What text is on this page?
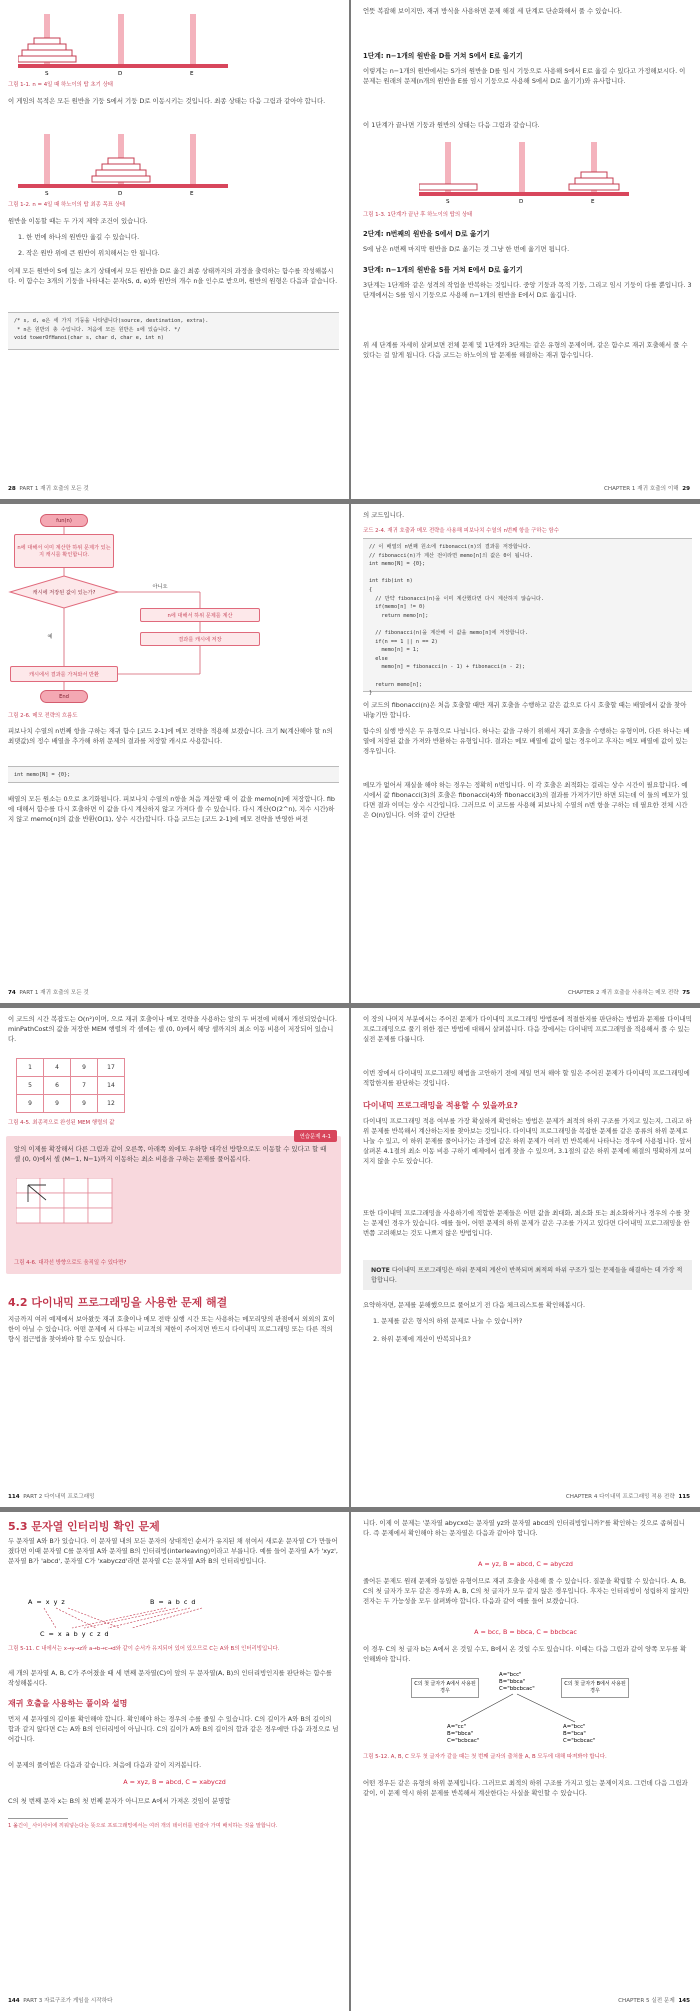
S	D	E

그림 1-1. n = 4일 때 하노이의 탑 초기 상태

이 게임의 목적은 모든 원반을 기둥 S에서 기둥 D로 이동시키는 것입니다. 최종 상태는 다음 그림과 같아야 합니다.

S	D	E

그림 1-2. n = 4일 때 하노이의 탑 최종 목표 상태

원반을 이동할 때는 두 가지 제약 조건이 있습니다.

1. 한 번에 하나의 원반만 옮길 수 있습니다.

2. 작은 원반 위에 큰 원반이 위치해서는 안 됩니다.

이제 모든 원반이 S에 있는 초기 상태에서 모든 원반을 D로 옮긴 최종 상태까지의 과정을 출력하는 함수를 작성해봅시다. 이 함수는 3개의 기둥을 나타내는 문자(S, d, e)와 원반의 개수 n을 인수로 받으며, 원반의 원형은 다음과 같습니다.

/* s, d, e은 세 가지 기둥을 나타냅니다(source, destination, extra).
* n은 원반의 총 수입니다. 처음에 모든 원반은 s에 있습니다. */
void towerOfHanoi(char s, char d, char e, int n)

28 PART 1 재귀 호출의 모든 것

언뜻 복잡해 보이지만, 재귀 방식을 사용하면 문제 해결 세 단계로 단순화해서 풀 수 있습니다.

1단계: n−1개의 원반을 D를 거쳐 S에서 E로 옮기기

이렇게는 n−1개의 원반에서는 S가의 원반을 D를 임시 기둥으로 사용해 S에서 E로 옮길 수 있다고 가정해보시다. 이 문제는 원래의 문제(n개의 원반을 E를 임시 기둥으로 사용해 S에서 D로 옮기기)와 유사합니다.

이 1단계가 끝나면 기둥과 원반의 상태는 다음 그림과 같습니다.

S	D	E

그림 1-3. 1단계가 끝난 후 하노이의 탑의 상태

2단계: n번째의 원반을 S에서 D로 옮기기

S에 남은 n번째 마지막 원반을 D로 옮기는 것 그냥 한 번에 옮기면 됩니다.

3단계: n−1개의 원반을 S를 거쳐 E에서 D로 옮기기

3단계는 1단계와 같은 성격의 작업을 반복하는 것입니다. 중앙 기둥과 목적 기둥, 그리고 임시 기둥이 다를 뿐입니다. 3단계에서는 S를 임시 기둥으로 사용해 n−1개의 원반을 E에서 D로 옮깁니다.

위 세 단계를 자세히 살펴보면 전체 문제 및 1단계와 3단계는 같은 유형의 문제이며, 같은 함수로 재귀 호출해서 풀 수 있다는 걸 알게 됩니다. 다음 코드는 하노이의 탑 문제를 해결하는 재귀 함수입니다.

CHAPTER 1 재귀 호출의 이해 29

fun(n)
n에 대해서 이미 계산한 하위 문제가 있는지 캐시를 확인합니다.
캐시에 저장된 값이 있는가?
아니오
예
n에 대해서 하위 문제를 계산
결과를 캐시에 저장
캐시에서 결과를 가져와서 반환
End

그림 2-6. 메모 전략의 흐름도

피보나치 수열의 n번째 항을 구하는 재귀 함수 [코드 2-1]에 메모 전략을 적용해 보겠습니다. 크기 N(계산해야 할 n의 최댓값)의 정수 배열을 추가해 하위 문제의 결과를 저장할 캐시로 사용합니다.

int memo[N] = {0};

배열의 모든 원소는 0으로 초기화됩니다. 피보나치 수열의 n항을 처음 계산할 때 이 값을 memo[n]에 저장합니다. fib에 대해서 함수를 다시 호출하면 이 값을 다시 계산하지 않고 가져다 쓸 수 있습니다. 다시 계산(O(2^n), 지수 시간)하지 않고 memo[n]의 값을 반환(O(1), 상수 시간)합니다. 다음 코드는 [코드 2-1]에 메모 전략을 반영한 버전

74 PART 1 재귀 호출의 모든 것

의 코드입니다.

코드 2-4. 재귀 호출과 메모 전략을 사용해 피보나치 수열의 n번째 항을 구하는 함수

// 이 배열의 n번째 원소에 fibonacci(n)의 결과를 저장합니다.
// fibonacci(n)가 계산 전이라면 memo[n]의 값은 0이 됩니다.
int memo[N] = {0};

int fib(int n)
{
// 만약 fibonacci(n)을 이미 계산했다면 다시 계산하지 않습니다.
if(memo[n] != 0)
return memo[n];

// fibonacci(n)을 계산해 이 값을 memo[n]에 저장합니다.
if(n == 1 || n == 2)
memo[n] = 1;
else
memo[n] = fibonacci(n - 1) + fibonacci(n - 2);

return memo[n];
}

이 코드의 fibonacci(n)은 처음 호출할 때만 재귀 호출을 수행하고 같은 값으로 다시 호출할 때는 배열에서 값을 찾아 내놓기만 합니다.

함수의 실행 방식은 두 유형으로 나뉩니다. 하나는 값을 구하기 위해서 재귀 호출을 수행하는 유형이며, 다른 하나는 배열에 저장된 값을 가져와 반환하는 유형입니다. 결과는 메모 배열에 값이 없는 경우이고 후자는 메모 배열에 값이 있는 경우입니다.

메모가 없어서 재실을 해야 하는 경우는 정확히 n번입니다. 이 각 호출은 최적화는 걸리는 상수 시간이 필요합니다. 예시에서 값 fibonacci(3)의 호출은 fibonacci(4)와 fibonacci(3)의 결과를 가져가기만 하면 되는데 이 둘의 메모가 있다면 결과 이미는 상수 시간입니다. 그러므로 이 코드를 사용해 피보나치 수열의 n번 항을 구하는 데 필요한 전체 시간은 O(n)입니다. 이와 같이 간단한

CHAPTER 2 재귀 호출을 사용하는 메모 전략 75

이 코드의 시간 복잡도는 O(n²)이며, 으로 재귀 호출이나 메모 전략을 사용하는 앞의 두 버전에 비해서 개선되었습니다. minPathCost의 값을 저장한 MEM 행렬의 각 셀에는 셀 (0, 0)에서 해당 셀까지의 최소 이동 비용이 저장되어 있습니다.

1	4	9	17
5	6	7	14
9	9	9	12

그림 4-5. 최종적으로 완성된 MEM 행렬의 값

연습문제 4-1

앞의 이제를 확장해서 다른 그림과 같이 오른쪽, 아래쪽 외에도 우하향 대각선 방향으로도 이동할 수 있다고 할 때 셀 (0, 0)에서 셀 (M−1, N−1)까지 이동하는 최소 비용을 구하는 문제를 풀어봅시다.

그림 4-6. 대각선 방향으로도 움직일 수 있다면?

4.2 다이내믹 프로그래밍을 사용한 문제 해결

지금까지 여러 예제에서 보아왔듯 재귀 호출이나 메모 전략 실행 시간 또는 사용하는 메모리양의 관점에서 외외의 효이한이 아닐 수 있습니다. 어떤 문제에 서 다루는 비교적의 제한이 주어지면 반드시 다이내믹 프로그래밍 또는 다른 적의 향식 접근법을 찾아봐야 할 수도 있습니다.

114 PART 2 다이내믹 프로그래밍

이 장의 나머지 부분에서는 주어진 문제가 다이내믹 프로그래밍 방법론에 적절한지를 판단하는 방법과 문제를 다이내믹 프로그래밍으로 풀기 위한 접근 방법에 대해서 살펴봅니다. 다음 장에서는 다이내믹 프로그래밍을 적용해서 풀 수 있는 실전 문제를 다룹니다.

이번 장에서 다이내믹 프로그래밍 해법을 고안하기 전에 제일 먼저 해야 할 일은 주어진 문제가 다이내믹 프로그래밍에 적합한지를 판단하는 것입니다.

다이내믹 프로그래밍을 적용할 수 있을까요?

다이내믹 프로그래밍 적용 여부를 가장 확실하게 확인하는 방법은 문제가 최적의 하위 구조를 가지고 있는지, 그리고 하위 문제를 반복해서 계산하는지를 찾아보는 것입니다. 다이내믹 프로그래밍을 복잡한 문제를 같은 종류의 하위 문제로 나눌 수 있고, 이 하위 문제를 풀어나가는 과정에 같은 하위 문제가 여러 번 반복해서 나타나는 경우에 사용됩니다. 앞서 살펴본 4.1절의 최소 이동 비용 구하기 예제에서 쉽게 찾을 수 있으며, 3.1절의 같은 하위 문제에 해결의 명확하게 보여지지 않을 수도 있습니다.

또한 다이내믹 프로그래밍을 사용하기에 적합한 문제들은 어떤 값을 최대화, 최소화 또는 최소화하거나 경우의 수를 찾는 문제인 경우가 있습니다. 예를 들어, 어떤 문제의 하위 문제가 같은 구조를 가지고 있다면 다이내믹 프로그래밍을 한 번쯤 고려해보는 것도 나쁘지 않은 방법입니다.

NOTE 다이내믹 프로그래밍은 하위 문제의 계산이 반복되며 최적의 하위 구조가 있는 문제들을 해결하는 데 가장 적합합니다.

요약하자면, 문제를 분해했으므로 풀어보기 전 다음 체크리스트를 확인해봅시다.

1. 문제를 같은 형식의 하위 문제로 나눌 수 있습니까?

2. 하위 문제에 계산이 반복되나요?

CHAPTER 4 다이내믹 프로그래밍 적용 전략 115

5.3 문자열 인터리빙 확인 문제

두 문자열 A와 B가 있습니다. 이 문자열 내의 모든 문자의 상대적인 순서가 유지된 채 섞여서 새로운 문자열 C가 만들어졌다면 이때 문자열 C를 문자열 A와 문자열 B의 인터리빙(interleaving)이라고 부릅니다. 예를 들어 문자열 A가 'xyz', 문자열 B가 'abcd', 문자열 C가 'xabyczd'라면 문자열 C는 문자열 A와 B의 인터리빙입니다.

A = x y z	B = a b c d
C = x a b y c z d

그림 5-11. C 내에서는 x→y→z와 a→b→c→d와 같이 순서가 유지되어 있어 있으므로 C는 A와 B의 인터리빙입니다.

세 개의 문자열 A, B, C가 주어졌을 때 세 번째 문자열(C)이 앞의 두 문자열(A, B)의 인터리빙인지를 판단하는 함수를 작성해봅시다.

재귀 호출을 사용하는 풀이와 설명

먼저 세 문자열의 길이를 확인해야 합니다. 확인해야 하는 경우의 수를 줄일 수 있습니다. C의 길이가 A와 B의 길이의 합과 같지 않다면 C는 A와 B의 인터리빙이 아닙니다. C의 길이가 A와 B의 길이의 합과 같은 경우에만 다음 과정으로 넘어갑니다.

이 문제의 풀이법은 다음과 같습니다. 처음에 다음과 같이 지켜봅니다.

A = xyz, B = abcd, C = xabyczd

C의 첫 번째 문자 x는 B의 첫 번째 문자가 아니므로 A에서 가져온 것임이 분명합

1 옮긴이_ 사이사이에 끼워넣는다는 뜻으로 프로그래밍에서는 여러 개의 데이터를 번갈아 가며 배치하는 것을 말합니다.

144 PART 3 자료구조가 게임을 시작하다

니다. 이제 이 문제는 '문자열 abycxd는 문자열 yz와 문자열 abcd의 인터리빙입니까?'를 확인하는 것으로 좁혀집니다. 즉 문제에서 확인해야 하는 문자열은 다음과 같아야 합니다.

A = yz, B = abcd, C = abyczd

줄어든 문제도 원래 문제와 동일한 유형이므로 재귀 호출을 사용해 풀 수 있습니다. 질문을 확립할 수 있습니다. A, B, C의 첫 글자가 모두 같은 경우와 A, B, C의 첫 글자가 모두 같지 않은 경우입니다. 후자는 인터리빙이 성립하지 않지만 전자는 두 가능성을 모두 살펴봐야 합니다. 다음과 같이 예를 들어 보겠습니다.

A = bcc, B = bbca, C = bbcbcac

이 경우 C의 첫 글자 b는 A에서 온 것일 수도, B에서 온 것일 수도 있습니다. 이때는 다음 그림과 같이 양쪽 모두를 확인해봐야 합니다.

A="bcc"
B="bbca"
C="bbcbcac"
C의 첫 글자가 A에서 사용된 경우
C의 첫 글자가 B에서 사용된 경우
A="cc"
B="bbca"
C="bcbcac"
A="bcc"
B="bca"
C="bcbcac"

그림 5-12. A, B, C 모두 첫 글자가 같을 때는 첫 번째 글자의 출처를 A, B 모두에 대해 따져봐야 합니다.

어떤 경우든 같은 유형의 하위 문제입니다. 그러므로 최적의 하위 구조를 가지고 있는 문제이지요. 그런데 다음 그림과 같이, 이 문제 역시 하위 문제를 반복해서 계산한다는 사실을 확인할 수 있습니다.

CHAPTER 5 실전 문제 145
